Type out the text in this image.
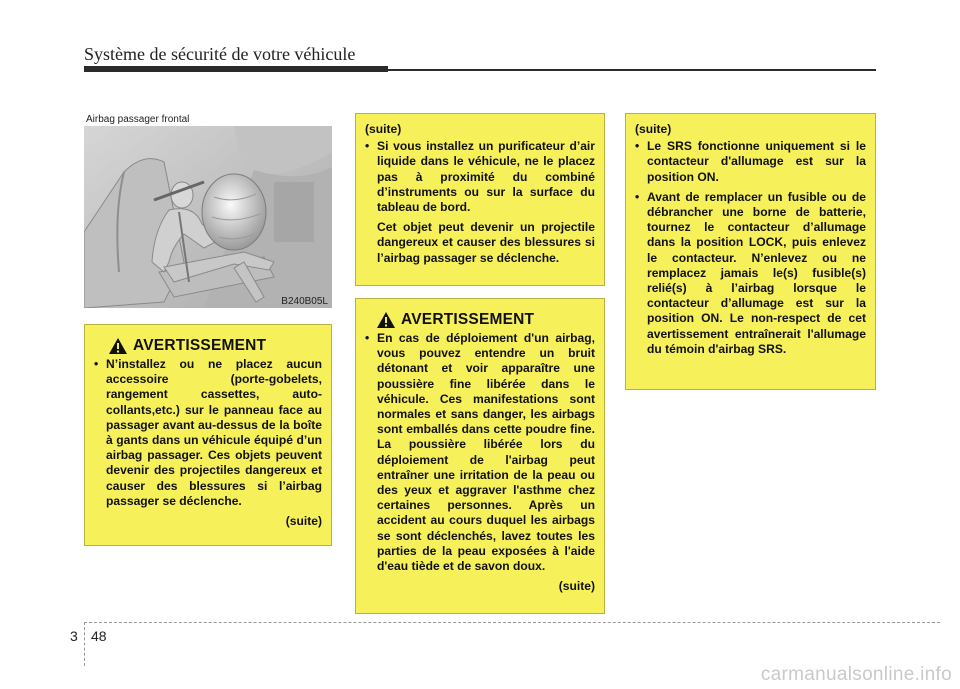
Système de sécurité de votre véhicule
Airbag passager frontal
B240B05L
AVERTISSEMENT
• N’installez ou ne placez aucun accessoire (porte-gobelets, rangement cassettes, auto-collants,etc.) sur le panneau face au passager avant au-dessus de la boîte à gants dans un véhicule équipé d’un airbag passager. Ces objets peuvent devenir des projectiles dangereux et causer des blessures si l’airbag passager se déclenche.
(suite)
(suite)
• Si vous installez un purificateur d’air liquide dans le véhicule, ne le placez pas à proximité du combiné d’instruments ou sur la surface du tableau de bord.
Cet objet peut devenir un projectile dangereux et causer des blessures si l’airbag passager se déclenche.
AVERTISSEMENT
• En cas de déploiement d'un airbag, vous pouvez entendre un bruit détonant et voir apparaître une poussière fine libérée dans le véhicule. Ces manifestations sont normales et sans danger, les airbags sont emballés dans cette poudre fine. La poussière libérée lors du déploiement de l'airbag peut entraîner une irritation de la peau ou des yeux et aggraver l'asthme chez certaines personnes. Après un accident au cours duquel les airbags se sont déclenchés, lavez toutes les parties de la peau exposées à l'aide d'eau tiède et de savon doux.
(suite)
(suite)
• Le SRS fonctionne uniquement si le contacteur d'allumage est sur la position ON.
• Avant de remplacer un fusible ou de débrancher une borne de batterie, tournez le contacteur d’allumage dans la position LOCK, puis enlevez le contacteur. N’enlevez ou ne remplacez jamais le(s) fusible(s) relié(s) à l’airbag lorsque le contacteur d’allumage est sur la position ON. Le non-respect de cet avertissement entraînerait l'allumage du témoin d'airbag SRS.
3 48
carmanualsonline.info
